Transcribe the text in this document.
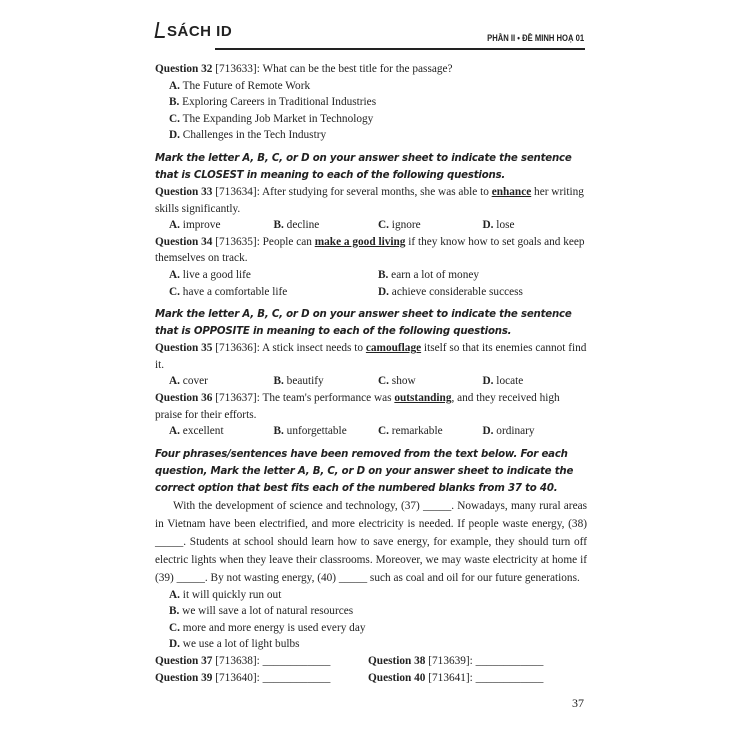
SÁCH ID	PHẦN II • ĐỀ MINH HOẠ 01
Question 32 [713633]: What can be the best title for the passage?
A. The Future of Remote Work
B. Exploring Careers in Traditional Industries
C. The Expanding Job Market in Technology
D. Challenges in the Tech Industry
Mark the letter A, B, C, or D on your answer sheet to indicate the sentence that is CLOSEST in meaning to each of the following questions.
Question 33 [713634]: After studying for several months, she was able to enhance her writing skills significantly.
A. improve	B. decline	C. ignore	D. lose
Question 34 [713635]: People can make a good living if they know how to set goals and keep themselves on track.
A. live a good life	B. earn a lot of money
C. have a comfortable life	D. achieve considerable success
Mark the letter A, B, C, or D on your answer sheet to indicate the sentence that is OPPOSITE in meaning to each of the following questions.
Question 35 [713636]: A stick insect needs to camouflage itself so that its enemies cannot find it.
A. cover	B. beautify	C. show	D. locate
Question 36 [713637]: The team's performance was outstanding, and they received high praise for their efforts.
A. excellent	B. unforgettable	C. remarkable	D. ordinary
Four phrases/sentences have been removed from the text below. For each question, Mark the letter A, B, C, or D on your answer sheet to indicate the correct option that best fits each of the numbered blanks from 37 to 40.
With the development of science and technology, (37) _____. Nowadays, many rural areas in Vietnam have been electrified, and more electricity is needed. If people waste energy, (38) _____. Students at school should learn how to save energy, for example, they should turn off electric lights when they leave their classrooms. Moreover, we may waste electricity at home if (39) _____. By not wasting energy, (40) _____ such as coal and oil for our future generations.
A. it will quickly run out
B. we will save a lot of natural resources
C. more and more energy is used every day
D. we use a lot of light bulbs
Question 37 [713638]: ____________	Question 38 [713639]: ____________
Question 39 [713640]: ____________	Question 40 [713641]: ____________
37
